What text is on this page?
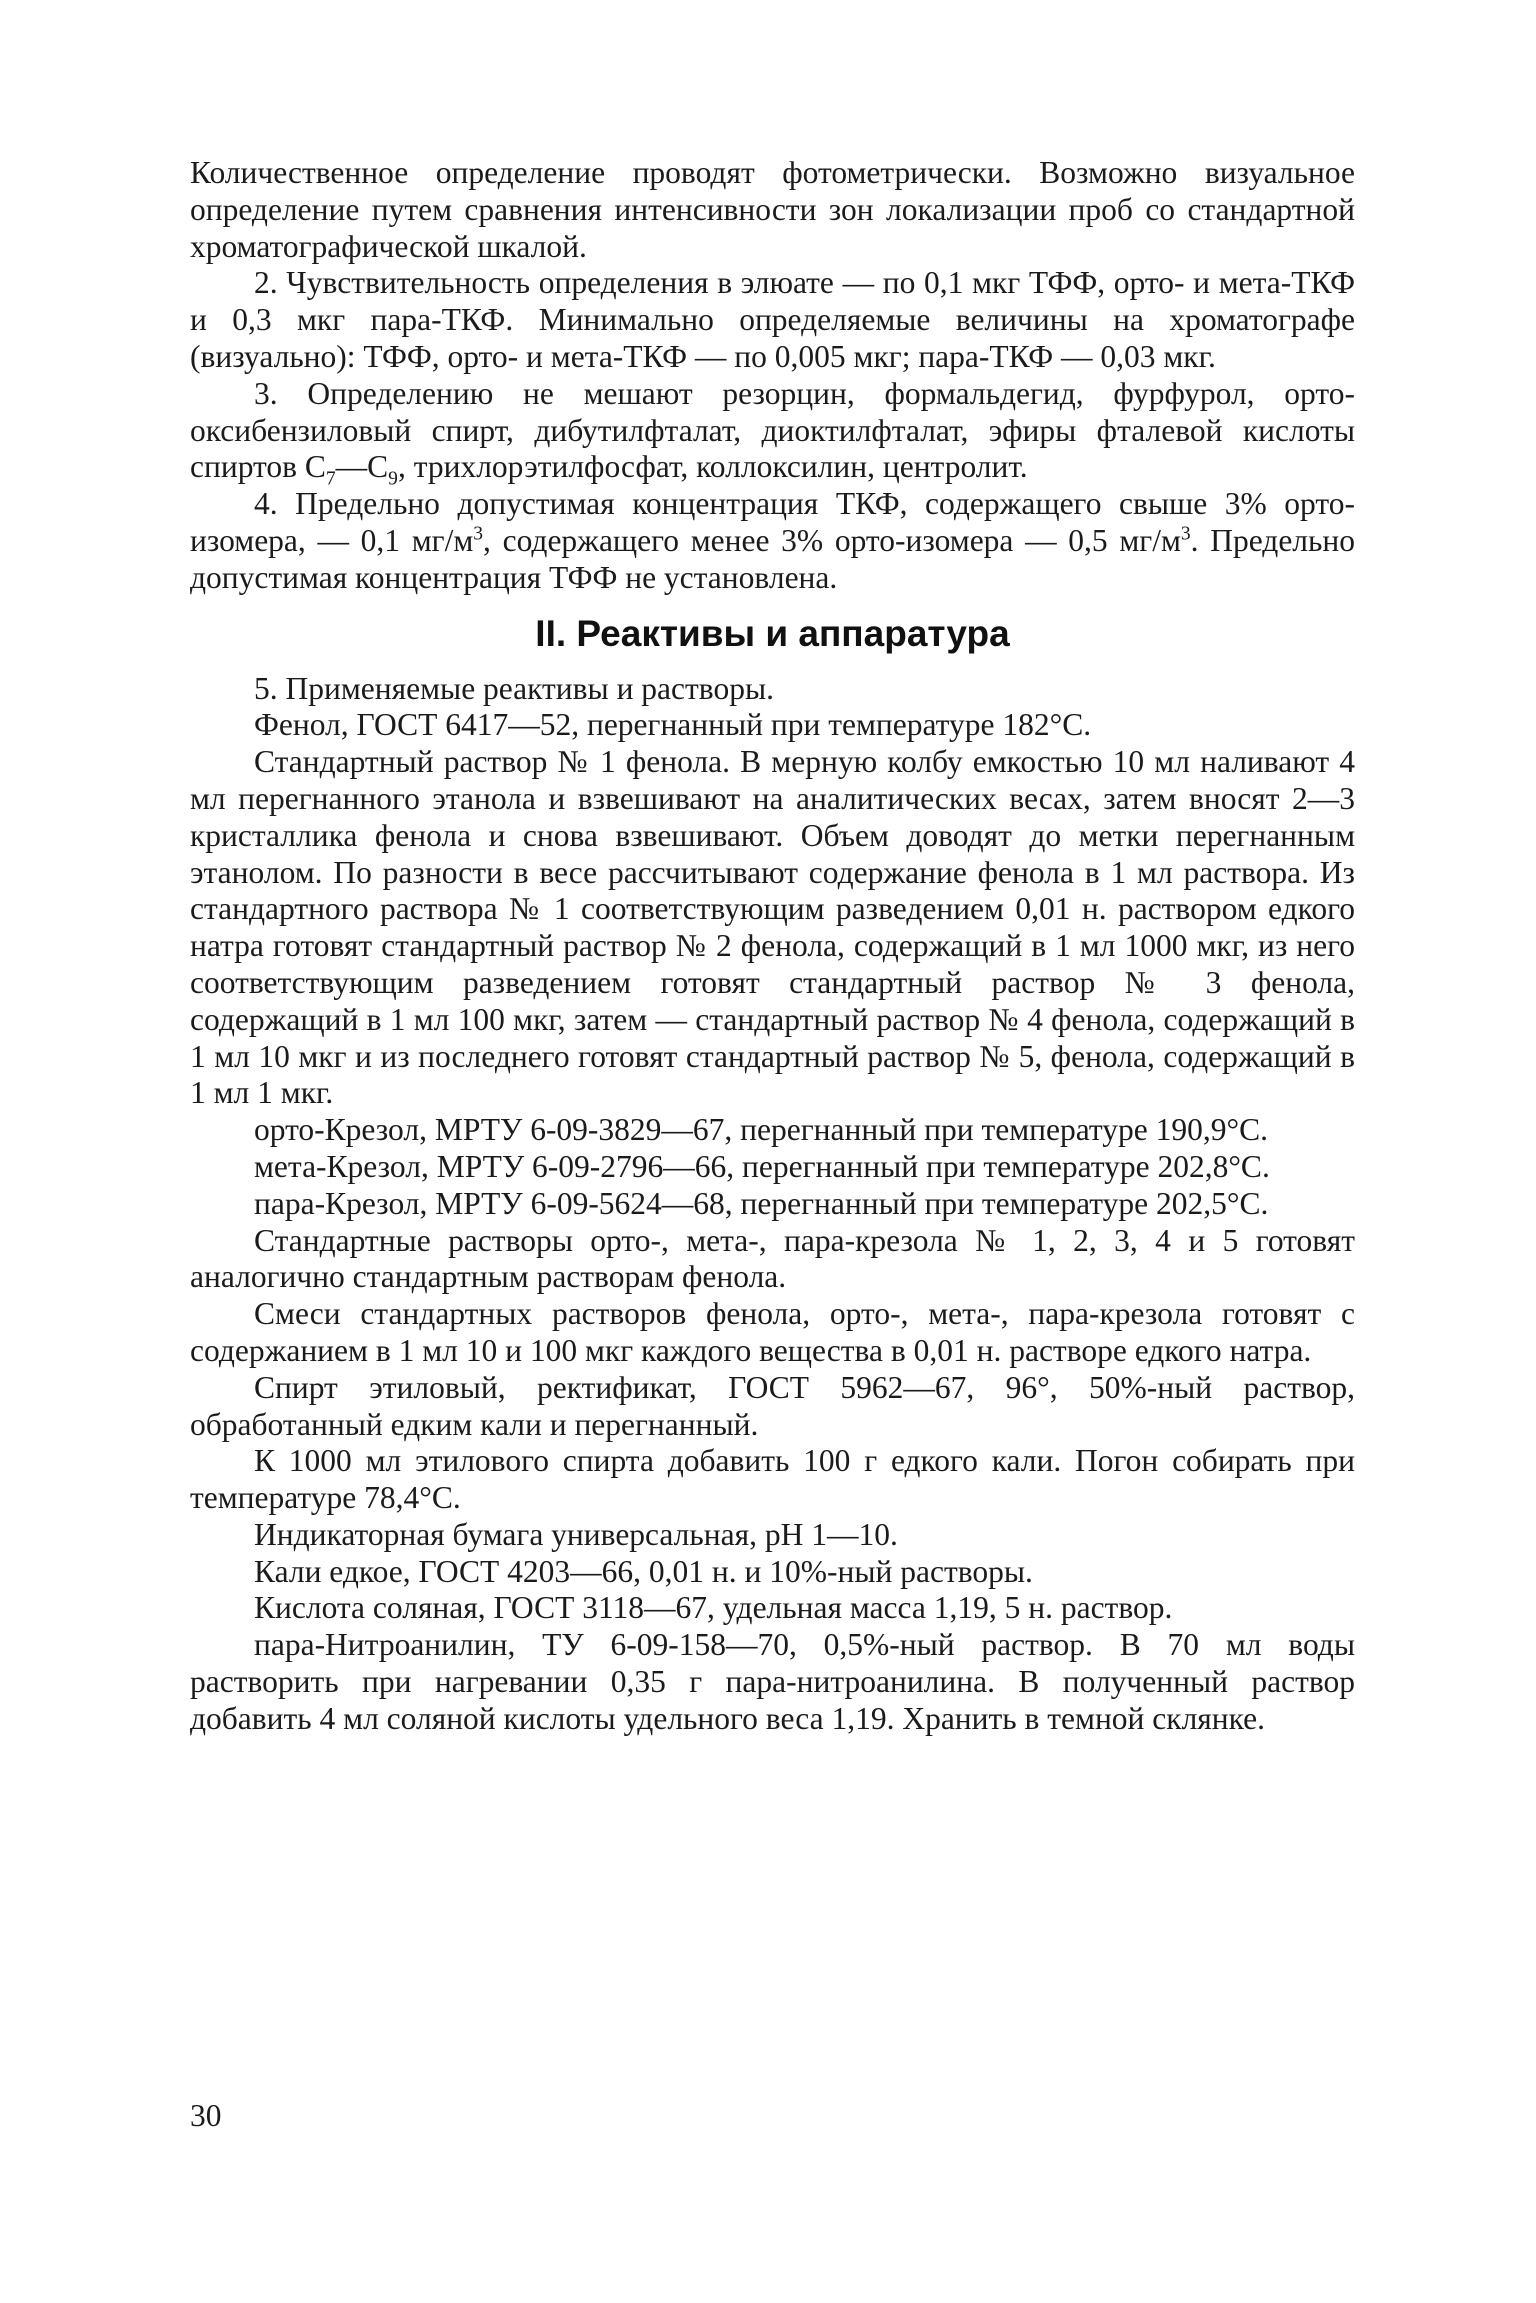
Количественное определение проводят фотометрически. Возможно визуальное определение путем сравнения интенсивности зон локализации проб со стандартной хроматографической шкалой.

2. Чувствительность определения в элюате — по 0,1 мкг ТФФ, орто- и мета-ТКФ и 0,3 мкг пара-ТКФ. Минимально определяемые величины на хроматографе (визуально): ТФФ, орто- и мета-ТКФ — по 0,005 мкг; пара-ТКФ — 0,03 мкг.

3. Определению не мешают резорцин, формальдегид, фурфурол, орто-оксибензиловый спирт, дибутилфталат, диоктилфталат, эфиры фталевой кислоты спиртов $С_7—С_9$, трихлорэтилфосфат, коллоксилин, центролит.

4. Предельно допустимая концентрация ТКФ, содержащего свыше 3% орто-изомера, — 0,1 $мг/м^3$, содержащего менее 3% орто-изомера — 0,5 $мг/м^3$. Предельно допустимая концентрация ТФФ не установлена.

II. Реактивы и аппаратура

5. Применяемые реактивы и растворы.

Фенол, ГОСТ 6417—52, перегнанный при температуре 182°С.

Стандартный раствор № 1 фенола. В мерную колбу емкостью 10 мл наливают 4 мл перегнанного этанола и взвешивают на аналитических весах, затем вносят 2—3 кристаллика фенола и снова взвешивают. Объем доводят до метки перегнанным этанолом. По разности в весе рассчитывают содержание фенола в 1 мл раствора. Из стандартного раствора № 1 соответствующим разведением 0,01 н. раствором едкого натра готовят стандартный раствор № 2 фенола, содержащий в 1 мл 1000 мкг, из него соответствующим разведением готовят стандартный раствор № 3 фенола, содержащий в 1 мл 100 мкг, затем — стандартный раствор № 4 фенола, содержащий в 1 мл 10 мкг и из последнего готовят стандартный раствор № 5, фенола, содержащий в 1 мл 1 мкг.

орто-Крезол, МРТУ 6-09-3829—67, перегнанный при температуре 190,9°С.

мета-Крезол, МРТУ 6-09-2796—66, перегнанный при температуре 202,8°С.

пара-Крезол, МРТУ 6-09-5624—68, перегнанный при температуре 202,5°С.

Стандартные растворы орто-, мета-, пара-крезола № 1, 2, 3, 4 и 5 готовят аналогично стандартным растворам фенола.

Смеси стандартных растворов фенола, орто-, мета-, пара-крезола готовят с содержанием в 1 мл 10 и 100 мкг каждого вещества в 0,01 н. растворе едкого натра.

Спирт этиловый, ректификат, ГОСТ 5962—67, 96°, 50%-ный раствор, обработанный едким кали и перегнанный.

К 1000 мл этилового спирта добавить 100 г едкого кали. Погон собирать при температуре 78,4°С.

Индикаторная бумага универсальная, pH 1—10.

Кали едкое, ГОСТ 4203—66, 0,01 н. и 10%-ный растворы.

Кислота соляная, ГОСТ 3118—67, удельная масса 1,19, 5 н. раствор.

пара-Нитроанилин, ТУ 6-09-158—70, 0,5%-ный раствор. В 70 мл воды растворить при нагревании 0,35 г пара-нитроанилина. В полученный раствор добавить 4 мл соляной кислоты удельного веса 1,19. Хранить в темной склянке.

30
